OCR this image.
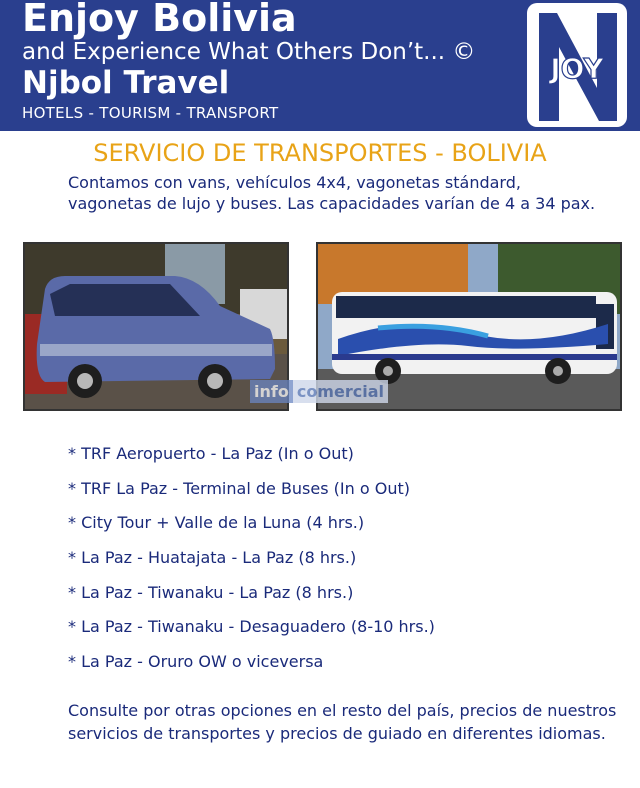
Enjoy Bolivia
and Experience What Others Don’t... ©
Njbol Travel
HOTELS - TOURISM - TRANSPORT
JOY
SERVICIO DE TRANSPORTES - BOLIVIA

Contamos con vans, vehículos 4x4, vagonetas stándard, vagonetas de lujo y buses. Las capacidades varían de 4 a 34 pax.

info comercial
* TRF Aeropuerto - La Paz (In o Out)
* TRF La Paz - Terminal de Buses (In o Out)
* City Tour + Valle de la Luna (4 hrs.)
* La Paz - Huatajata - La Paz (8 hrs.)
* La Paz - Tiwanaku - La Paz (8 hrs.)
* La Paz - Tiwanaku - Desaguadero (8-10 hrs.)
* La Paz - Oruro OW o viceversa

Consulte por otras opciones en el resto del país, precios de nuestros servicios de transportes y precios de guiado en diferentes idiomas.
